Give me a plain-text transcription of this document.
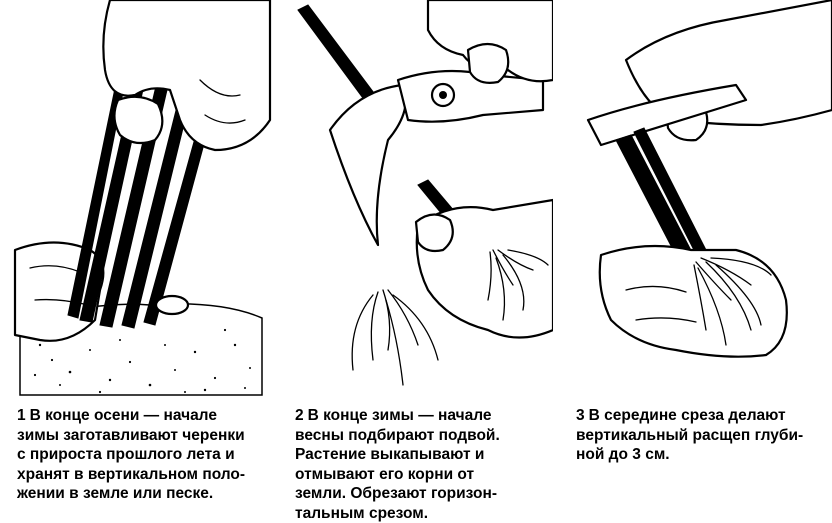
1 В конце осени — начале
зимы заготавливают черенки
с прироста прошлого лета и
хранят в вертикальном поло-
жении в земле или песке.
2 В конце зимы — начале
весны подбирают подвой.
Растение выкапывают и
отмывают его корни от
земли. Обрезают горизон-
тальным срезом.
3 В середине среза делают
вертикальный расщеп глуби-
ной до 3 см.
